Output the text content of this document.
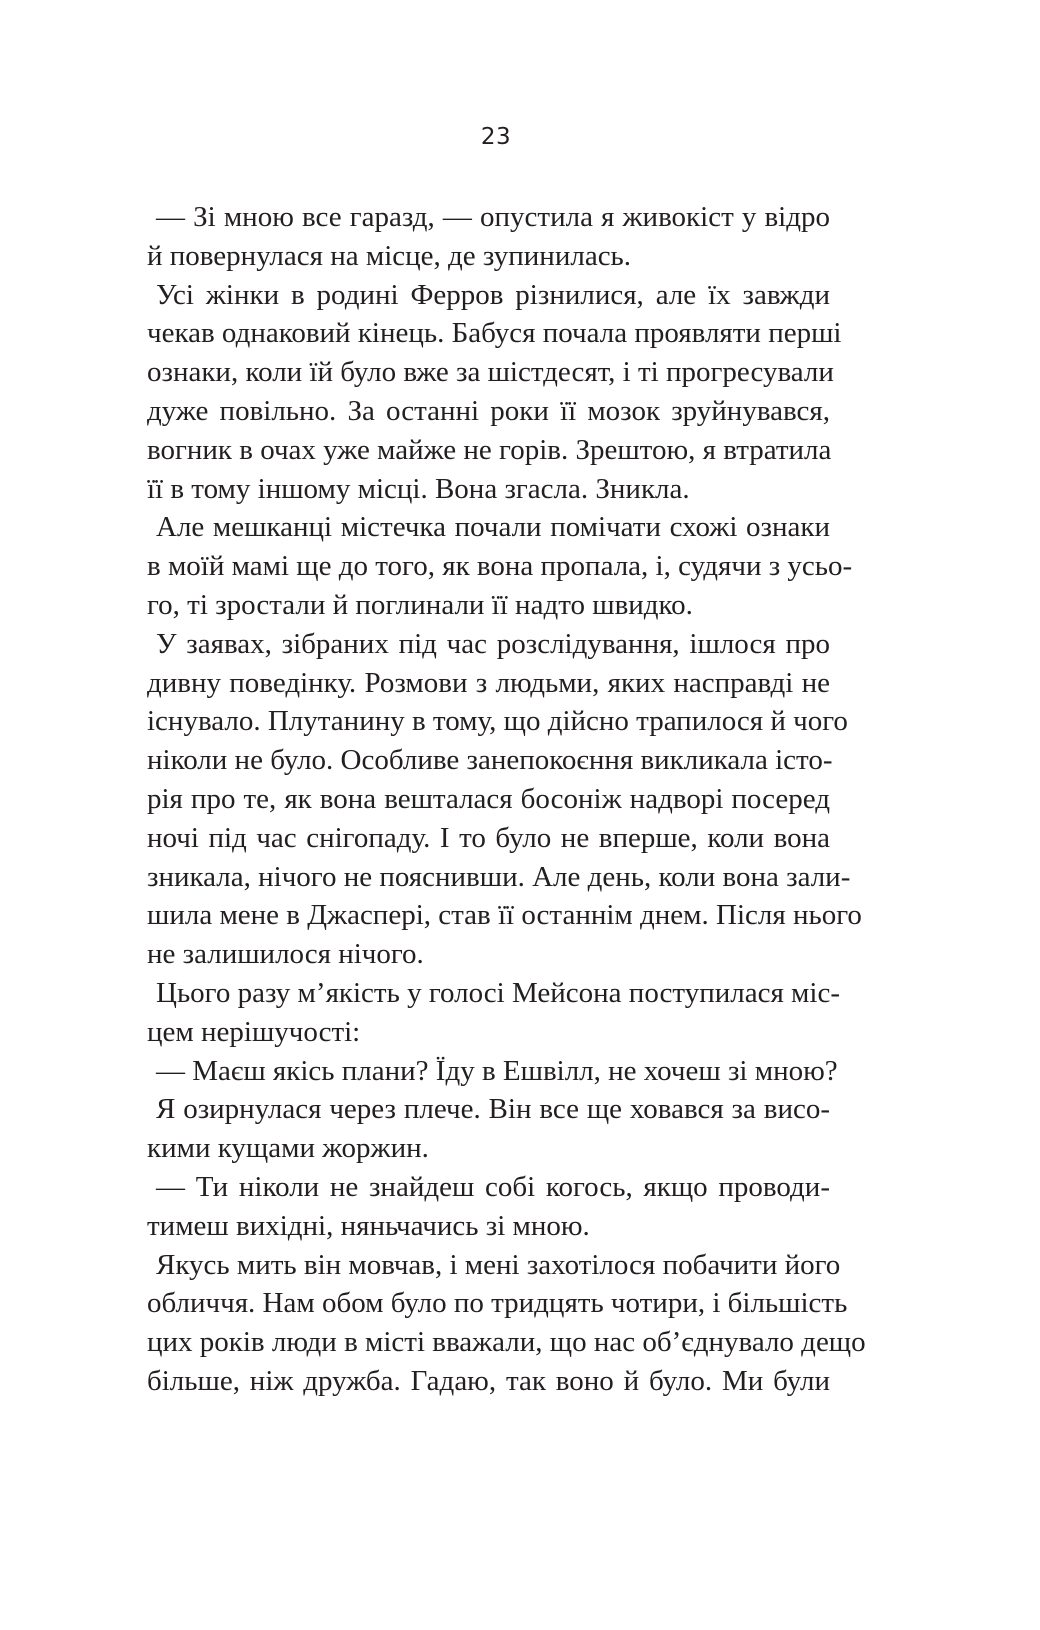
23
— Зі мною все гаразд, — опустила я живокіст у відро
й повернулася на місце, де зупинилась.
Усі жінки в родині Ферров різнилися, але їх завжди
чекав однаковий кінець. Бабуся почала проявляти перші
ознаки, коли їй було вже за шістдесят, і ті прогресували
дуже повільно. За останні роки її мозок зруйнувався,
вогник в очах уже майже не горів. Зрештою, я втратила
її в тому іншому місці. Вона згасла. Зникла.
Але мешканці містечка почали помічати схожі ознаки
в моїй мамі ще до того, як вона пропала, і, судячи з усьо-
го, ті зростали й поглинали її надто швидко.
У заявах, зібраних під час розслідування, ішлося про
дивну поведінку. Розмови з людьми, яких насправді не
існувало. Плутанину в тому, що дійсно трапилося й чого
ніколи не було. Особливе занепокоєння викликала істо-
рія про те, як вона вешталася босоніж надворі посеред
ночі під час снігопаду. І то було не вперше, коли вона
зникала, нічого не пояснивши. Але день, коли вона зали-
шила мене в Джаспері, став її останнім днем. Після нього
не залишилося нічого.
Цього разу м’якість у голосі Мейсона поступилася міс-
цем нерішучості:
— Маєш якісь плани? Їду в Ешвілл, не хочеш зі мною?
Я озирнулася через плече. Він все ще ховався за висо-
кими кущами жоржин.
— Ти ніколи не знайдеш собі когось, якщо проводи-
тимеш вихідні, няньчачись зі мною.
Якусь мить він мовчав, і мені захотілося побачити його
обличчя. Нам обом було по тридцять чотири, і більшість
цих років люди в місті вважали, що нас об’єднувало дещо
більше, ніж дружба. Гадаю, так воно й було. Ми були
